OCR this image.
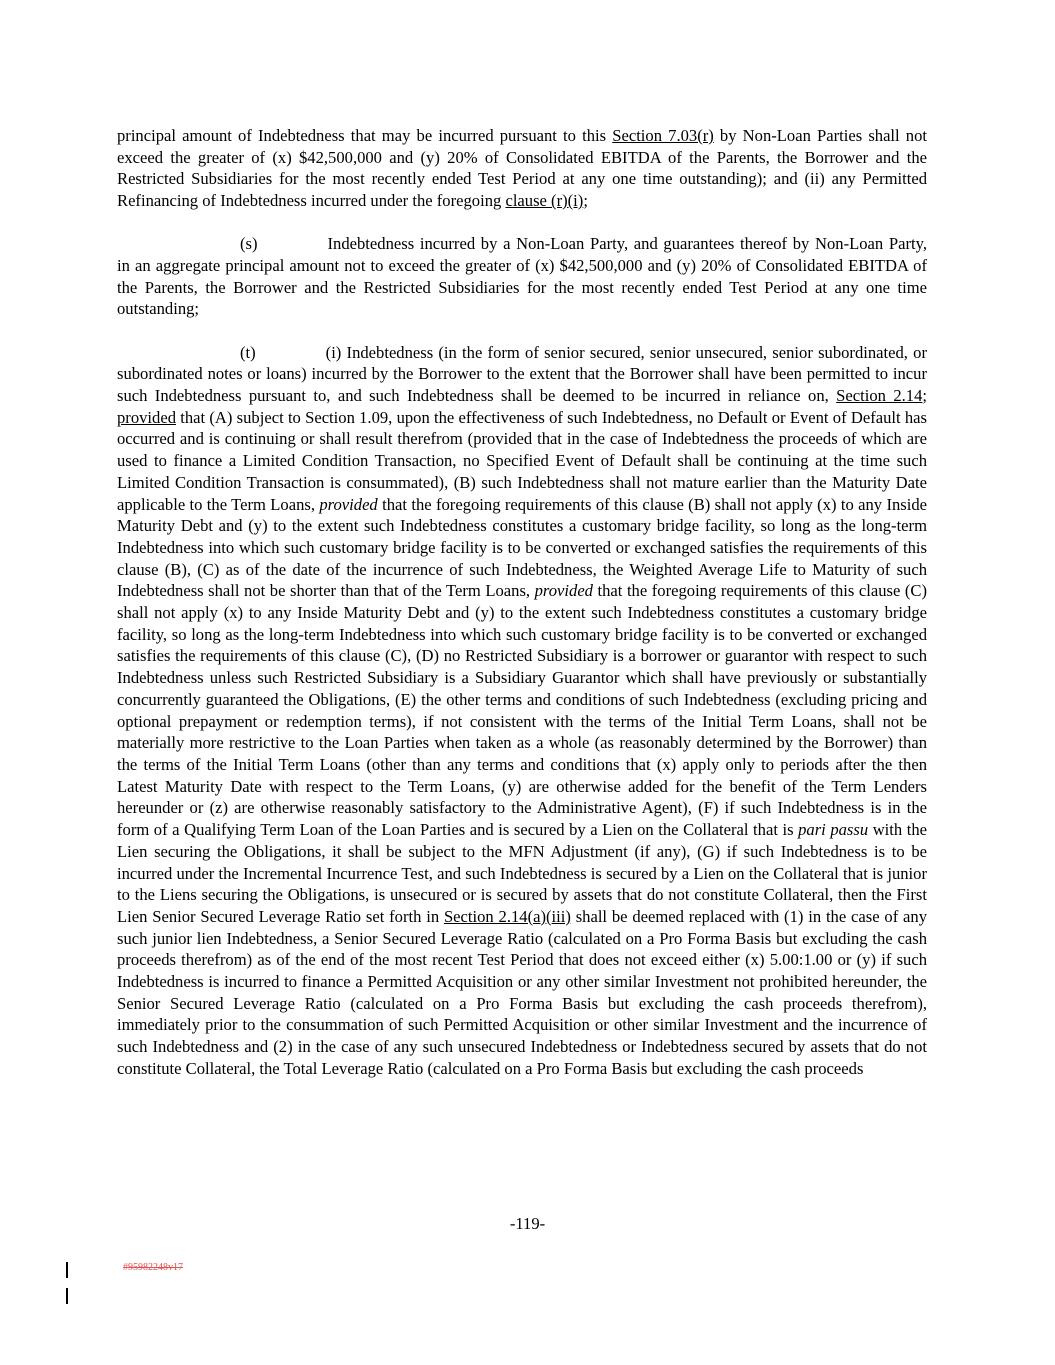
principal amount of Indebtedness that may be incurred pursuant to this Section 7.03(r) by Non-Loan Parties shall not exceed the greater of (x) $42,500,000 and (y) 20% of Consolidated EBITDA of the Parents, the Borrower and the Restricted Subsidiaries for the most recently ended Test Period at any one time outstanding); and (ii) any Permitted Refinancing of Indebtedness incurred under the foregoing clause (r)(i);

(s)	Indebtedness incurred by a Non-Loan Party, and guarantees thereof by Non-Loan Party, in an aggregate principal amount not to exceed the greater of (x) $42,500,000 and (y) 20% of Consolidated EBITDA of the Parents, the Borrower and the Restricted Subsidiaries for the most recently ended Test Period at any one time outstanding;

(t)	(i) Indebtedness (in the form of senior secured, senior unsecured, senior subordinated, or subordinated notes or loans) incurred by the Borrower to the extent that the Borrower shall have been permitted to incur such Indebtedness pursuant to, and such Indebtedness shall be deemed to be incurred in reliance on, Section 2.14; provided that (A) subject to Section 1.09, upon the effectiveness of such Indebtedness, no Default or Event of Default has occurred and is continuing or shall result therefrom (provided that in the case of Indebtedness the proceeds of which are used to finance a Limited Condition Transaction, no Specified Event of Default shall be continuing at the time such Limited Condition Transaction is consummated), (B) such Indebtedness shall not mature earlier than the Maturity Date applicable to the Term Loans, provided that the foregoing requirements of this clause (B) shall not apply (x) to any Inside Maturity Debt and (y) to the extent such Indebtedness constitutes a customary bridge facility, so long as the long-term Indebtedness into which such customary bridge facility is to be converted or exchanged satisfies the requirements of this clause (B), (C) as of the date of the incurrence of such Indebtedness, the Weighted Average Life to Maturity of such Indebtedness shall not be shorter than that of the Term Loans, provided that the foregoing requirements of this clause (C) shall not apply (x) to any Inside Maturity Debt and (y) to the extent such Indebtedness constitutes a customary bridge facility, so long as the long-term Indebtedness into which such customary bridge facility is to be converted or exchanged satisfies the requirements of this clause (C), (D) no Restricted Subsidiary is a borrower or guarantor with respect to such Indebtedness unless such Restricted Subsidiary is a Subsidiary Guarantor which shall have previously or substantially concurrently guaranteed the Obligations, (E) the other terms and conditions of such Indebtedness (excluding pricing and optional prepayment or redemption terms), if not consistent with the terms of the Initial Term Loans, shall not be materially more restrictive to the Loan Parties when taken as a whole (as reasonably determined by the Borrower) than the terms of the Initial Term Loans (other than any terms and conditions that (x) apply only to periods after the then Latest Maturity Date with respect to the Term Loans, (y) are otherwise added for the benefit of the Term Lenders hereunder or (z) are otherwise reasonably satisfactory to the Administrative Agent), (F) if such Indebtedness is in the form of a Qualifying Term Loan of the Loan Parties and is secured by a Lien on the Collateral that is pari passu with the Lien securing the Obligations, it shall be subject to the MFN Adjustment (if any), (G) if such Indebtedness is to be incurred under the Incremental Incurrence Test, and such Indebtedness is secured by a Lien on the Collateral that is junior to the Liens securing the Obligations, is unsecured or is secured by assets that do not constitute Collateral, then the First Lien Senior Secured Leverage Ratio set forth in Section 2.14(a)(iii) shall be deemed replaced with (1) in the case of any such junior lien Indebtedness, a Senior Secured Leverage Ratio (calculated on a Pro Forma Basis but excluding the cash proceeds therefrom) as of the end of the most recent Test Period that does not exceed either (x) 5.00:1.00 or (y) if such Indebtedness is incurred to finance a Permitted Acquisition or any other similar Investment not prohibited hereunder, the Senior Secured Leverage Ratio (calculated on a Pro Forma Basis but excluding the cash proceeds therefrom), immediately prior to the consummation of such Permitted Acquisition or other similar Investment and the incurrence of such Indebtedness and (2) in the case of any such unsecured Indebtedness or Indebtedness secured by assets that do not constitute Collateral, the Total Leverage Ratio (calculated on a Pro Forma Basis but excluding the cash proceeds

-119-
#95982248v17
